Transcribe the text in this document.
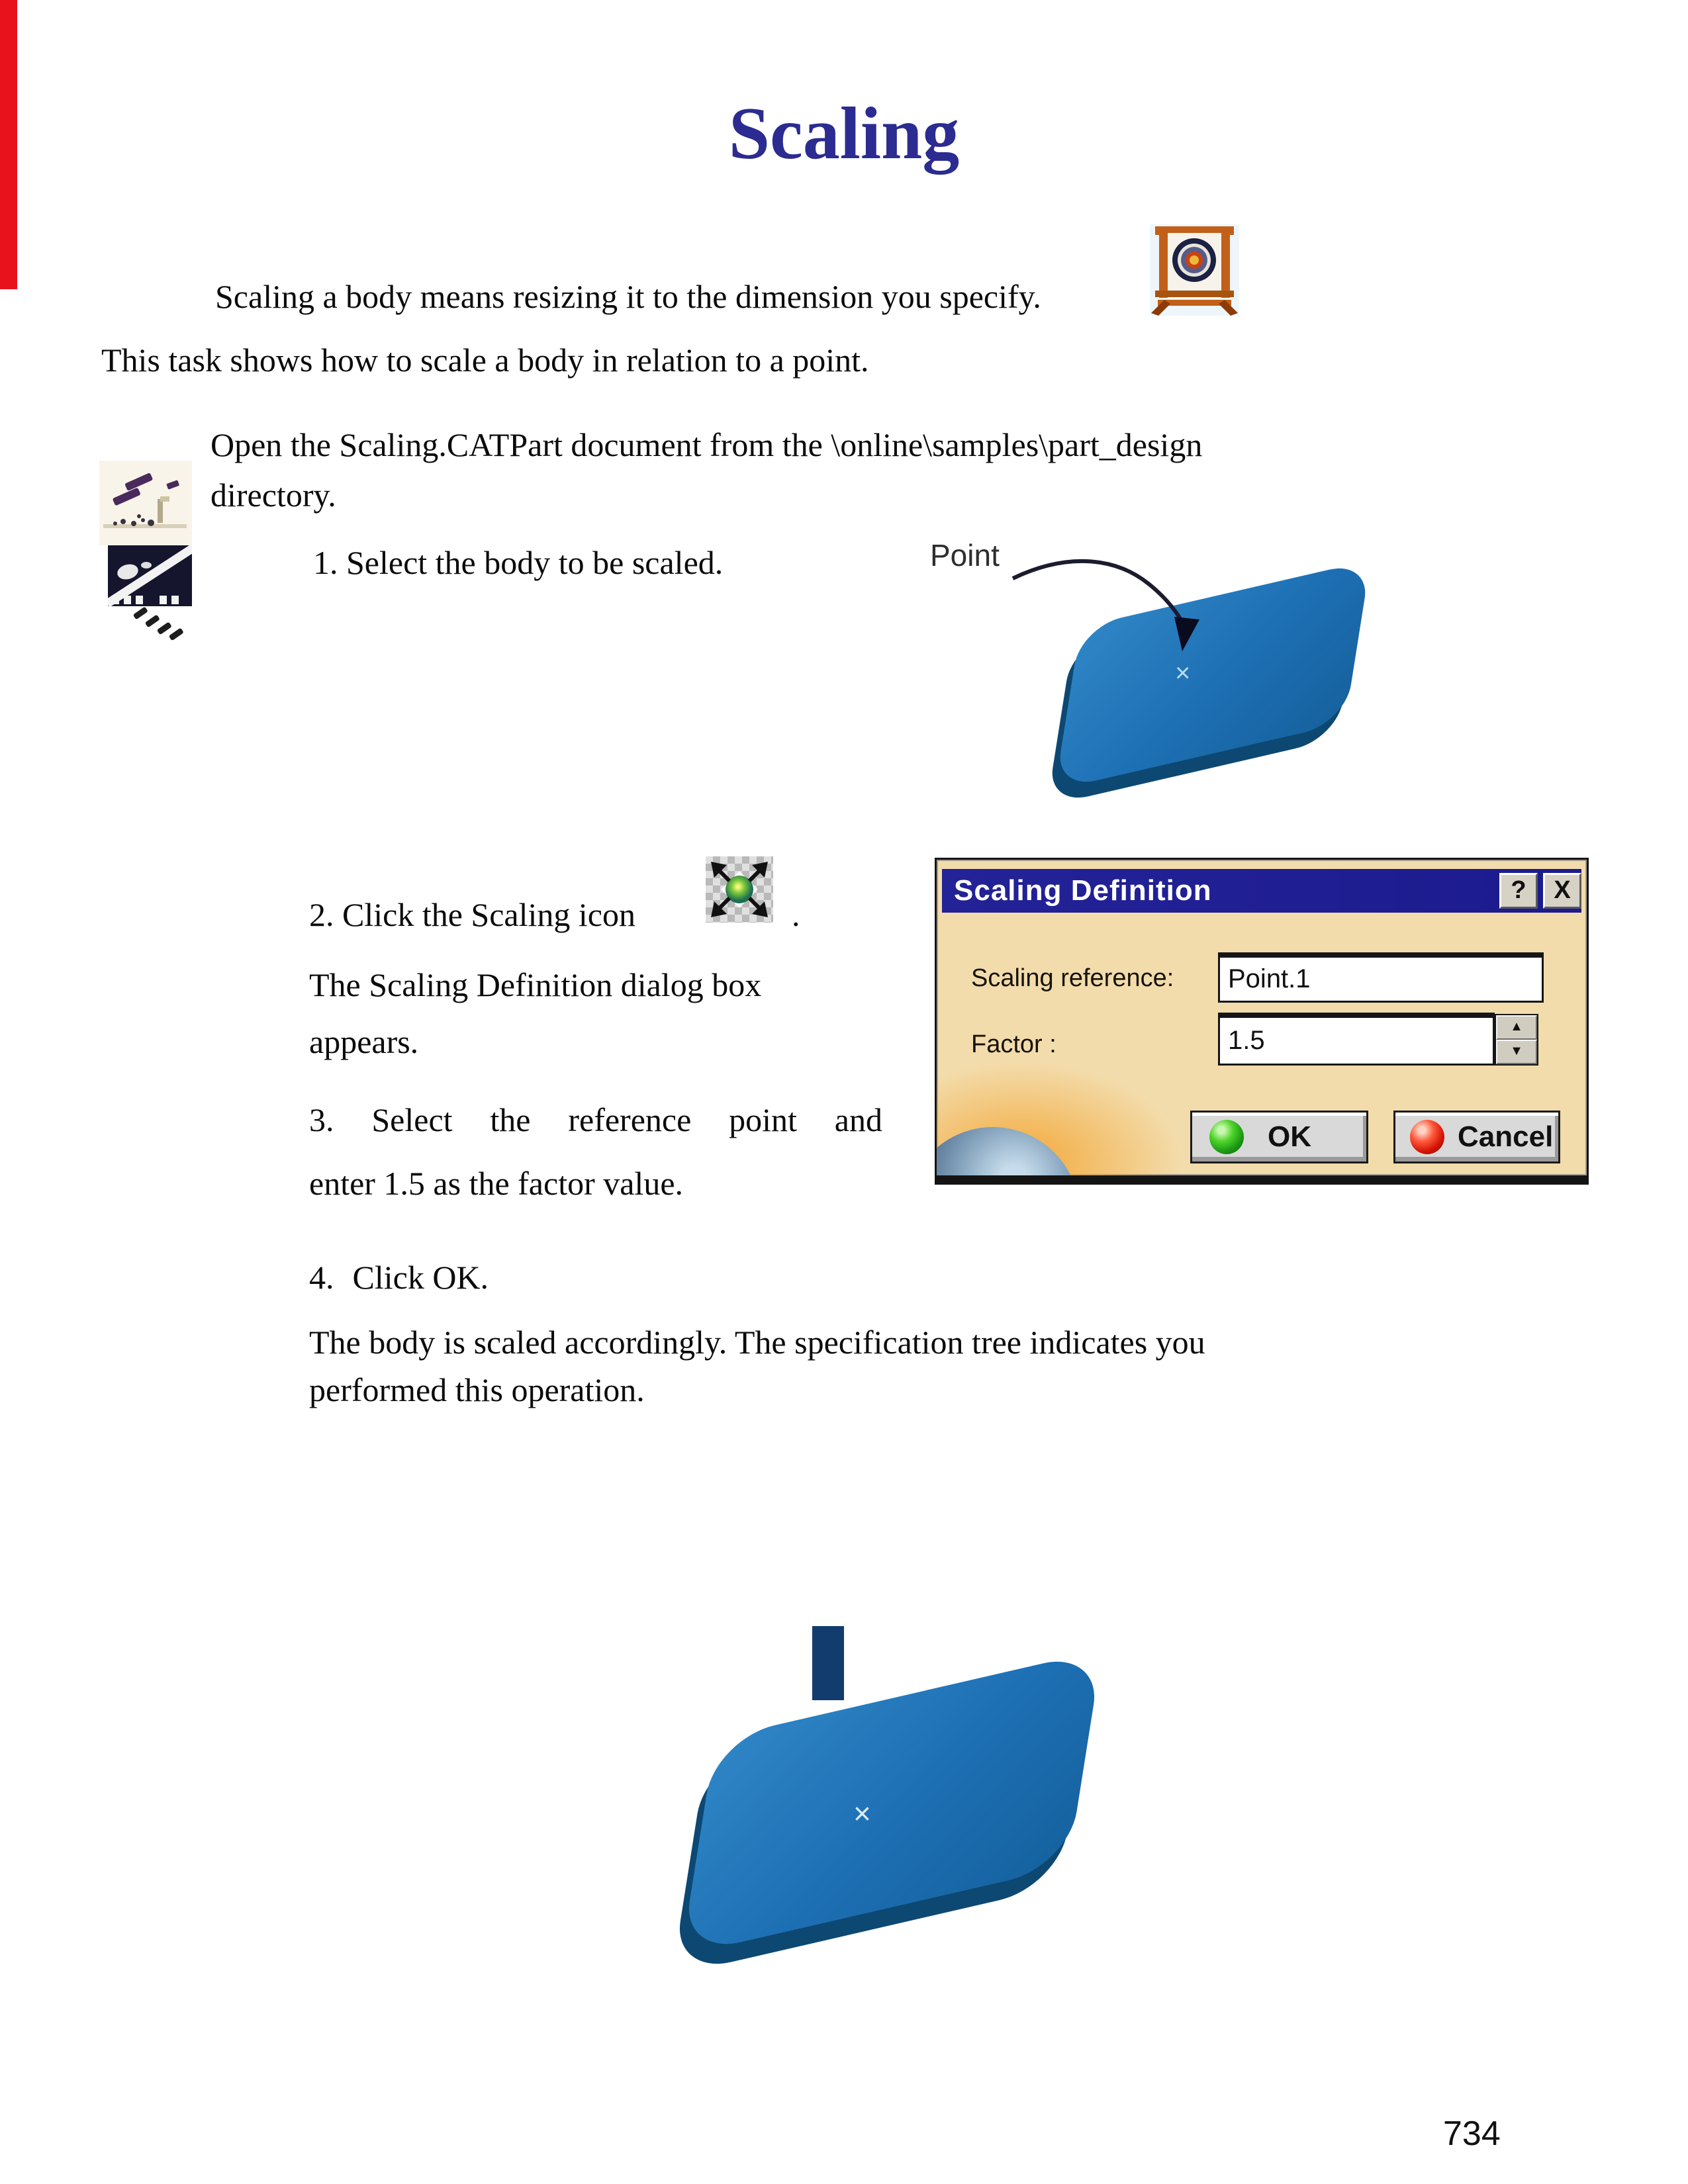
Scaling
Scaling a body means resizing it to the dimension you specify.
This task shows how to scale a body in relation to a point.
Open the Scaling.CATPart document from the \online\samples\part_design
directory.
1. Select the body to be scaled.
×
Point
2. Click the Scaling icon	.
The Scaling Definition dialog box
appears.
3. Select the reference point and
enter 1.5 as the factor value.
Scaling Definition	?	X
Scaling reference:	Point.1
Factor :	1.5	▲
▼
OK	Cancel
4. Click OK.
The body is scaled accordingly. The specification tree indicates you
performed this operation.
×
734
